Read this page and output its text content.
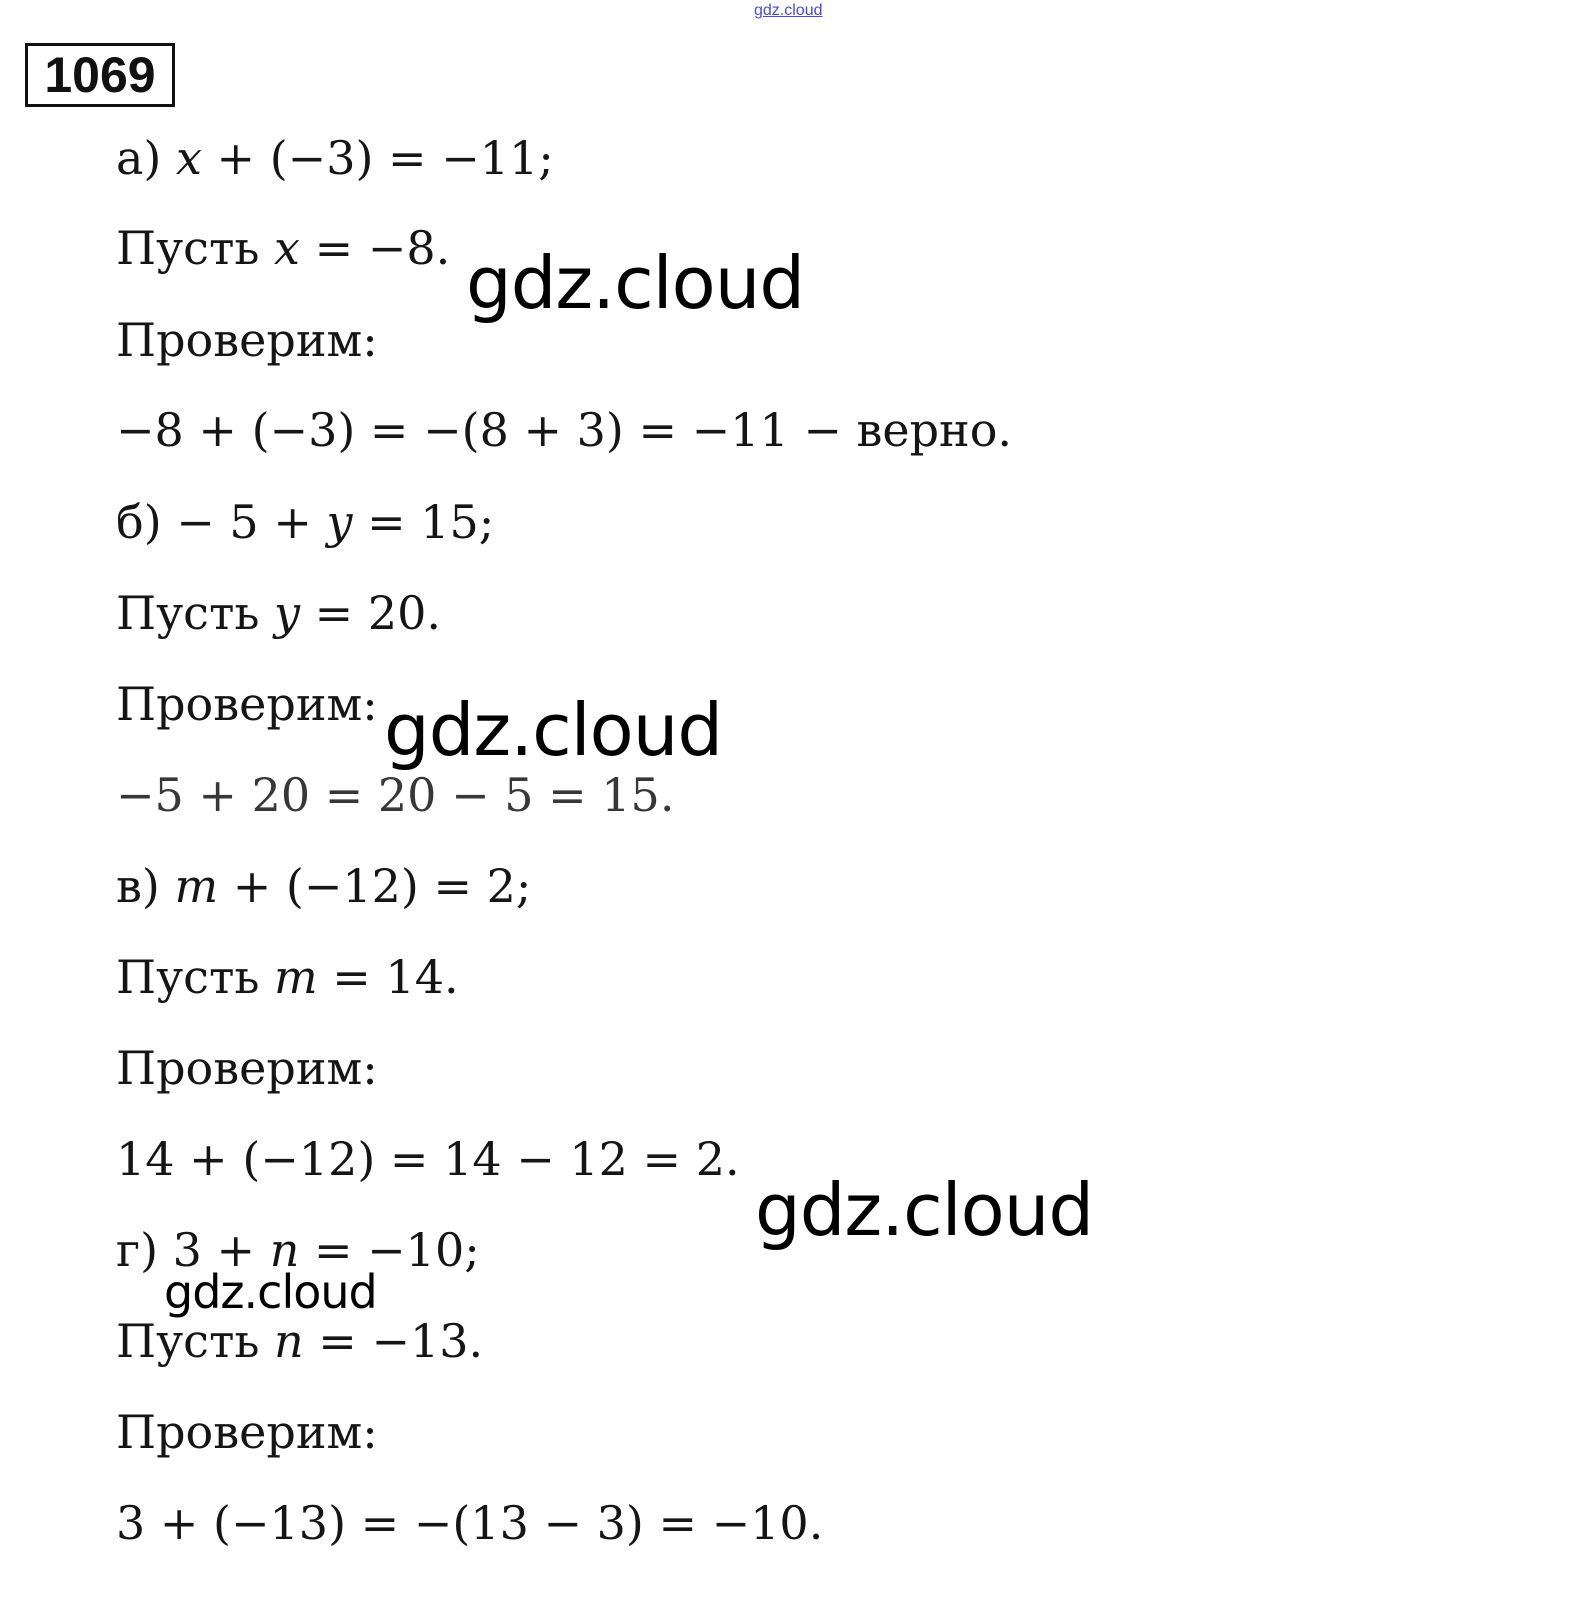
gdz.cloud
1069
а) 𝑥 + (−3) = −11;
Пусть 𝑥 = −8.
Проверим:
−8 + (−3) = −(8 + 3) = −11 − верно.
б) − 5 + 𝑦 = 15;
Пусть 𝑦 = 20.
Проверим:
−5 + 20 = 20 − 5 = 15.
в) 𝑚 + (−12) = 2;
Пусть 𝑚 = 14.
Проверим:
14 + (−12) = 14 − 12 = 2.
г) 3 + 𝑛 = −10;
Пусть 𝑛 = −13.
Проверим:
3 + (−13) = −(13 − 3) = −10.
gdz.cloud
gdz.cloud
gdz.cloud
gdz.cloud
